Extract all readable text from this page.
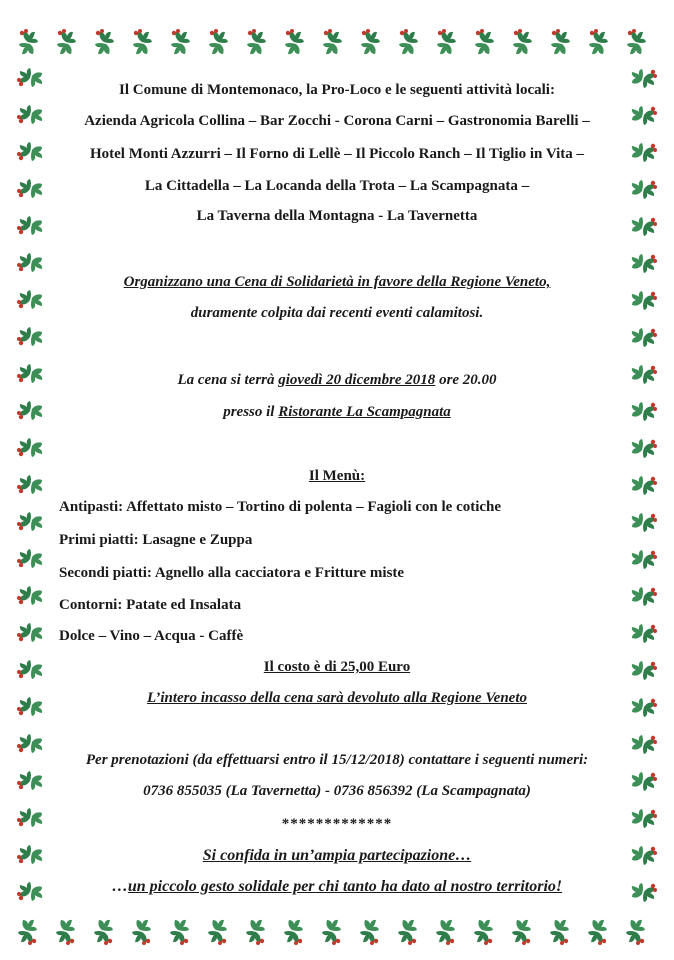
Il Comune di Montemonaco, la Pro-Loco e le seguenti attività locali:
Azienda Agricola Collina – Bar Zocchi - Corona Carni – Gastronomia Barelli –
Hotel Monti Azzurri – Il Forno di Lellè – Il Piccolo Ranch – Il Tiglio in Vita –
La Cittadella – La Locanda della Trota – La Scampagnata –
La Taverna della Montagna - La Tavernetta
Organizzano una Cena di Solidarietà in favore della Regione Veneto,
duramente colpita dai recenti eventi calamitosi.
La cena si terrà giovedì 20 dicembre 2018 ore 20.00
presso il Ristorante La Scampagnata
Il Menù:
Antipasti: Affettato misto – Tortino di polenta – Fagioli con le cotiche
Primi piatti: Lasagne e Zuppa
Secondi piatti: Agnello alla cacciatora e Fritture miste
Contorni: Patate ed Insalata
Dolce – Vino – Acqua - Caffè
Il costo è di 25,00 Euro
L’intero incasso della cena sarà devoluto alla Regione Veneto
Per prenotazioni (da effettuarsi entro il 15/12/2018) contattare i seguenti numeri:
0736 855035 (La Tavernetta) - 0736 856392 (La Scampagnata)
*************
Si confida in un’ampia partecipazione…
…un piccolo gesto solidale per chi tanto ha dato al nostro territorio!
